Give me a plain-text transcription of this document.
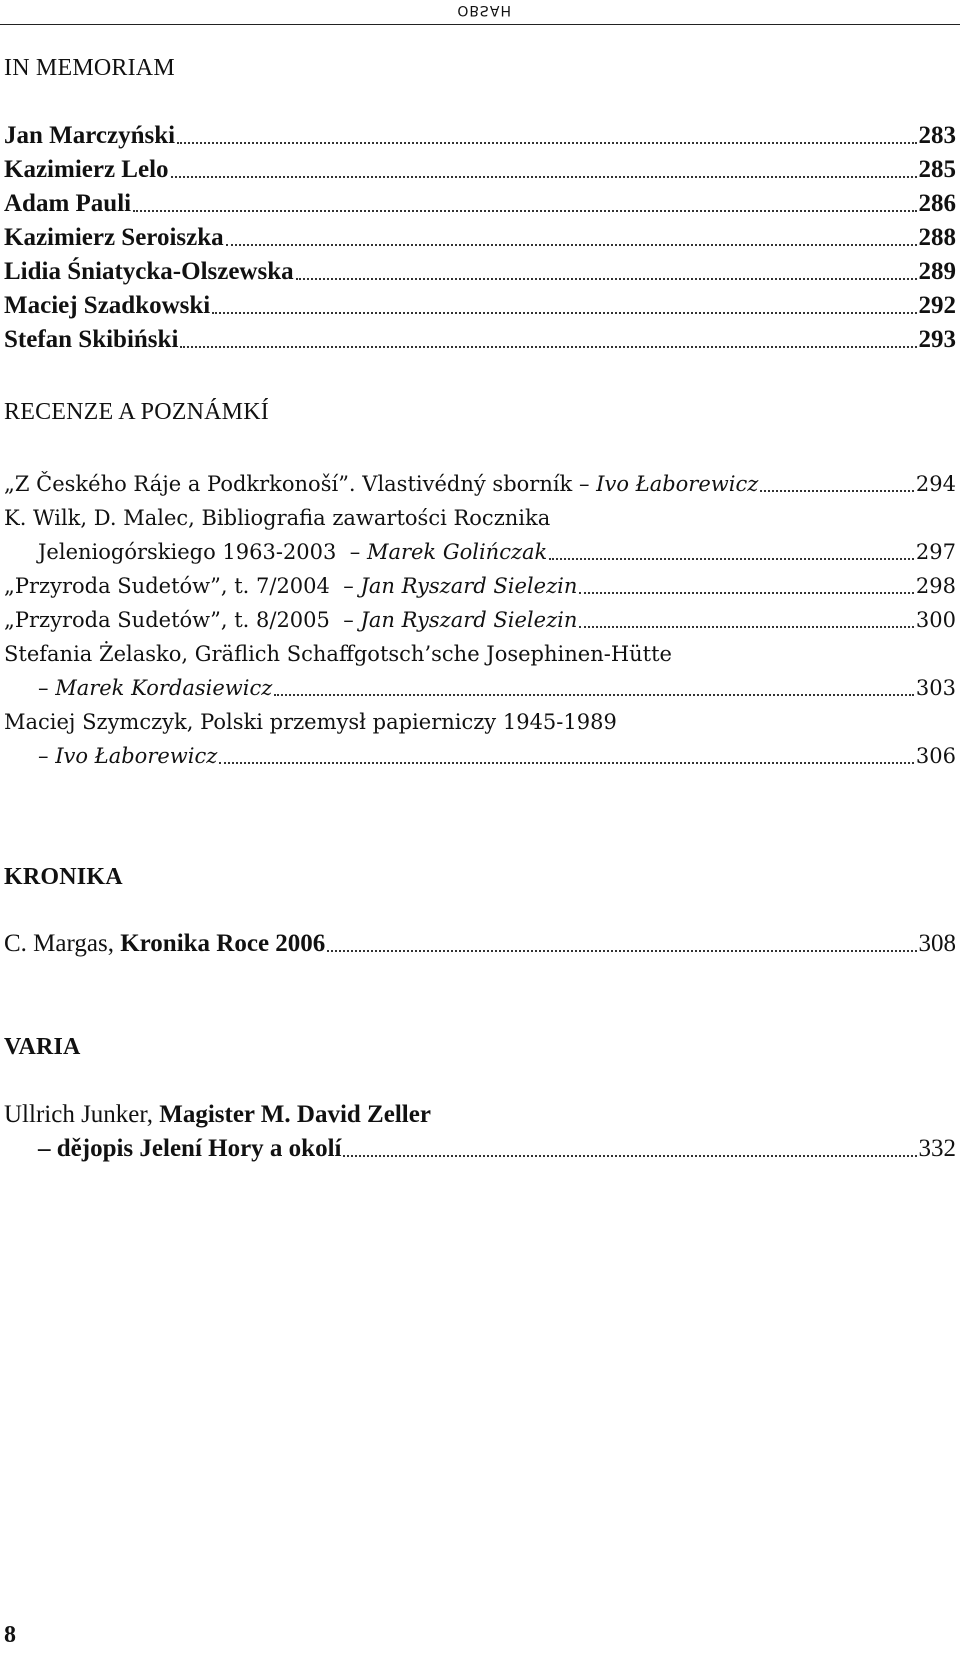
OBSAH
IN MEMORIAM
Jan Marczyński	283
Kazimierz Lelo	285
Adam Pauli	286
Kazimierz Seroiszka	288
Lidia Śniatycka-Olszewska	289
Maciej Szadkowski	292
Stefan Skibiński	293
RECENZE A POZNÁMKÍ
„Z Českého Ráje a Podkrkonoší”. Vlastivédný sborník – Ivo Łaborewicz	294
K. Wilk, D. Malec, Bibliografia zawartości Rocznika
Jeleniogórskiego 1963-2003 – Marek Golińczak	297
„Przyroda Sudetów”, t. 7/2004 – Jan Ryszard Sielezin	298
„Przyroda Sudetów”, t. 8/2005 – Jan Ryszard Sielezin	300
Stefania Żelasko, Gräflich Schaffgotsch’sche Josephinen-Hütte
– Marek Kordasiewicz	303
Maciej Szymczyk, Polski przemysł papierniczy 1945-1989
– Ivo Łaborewicz	306
KRONIKA
C. Margas, Kronika Roce 2006	308
VARIA
Ullrich Junker, Magister M. David Zeller
– dějopis Jelení Hory a okolí	332
8
